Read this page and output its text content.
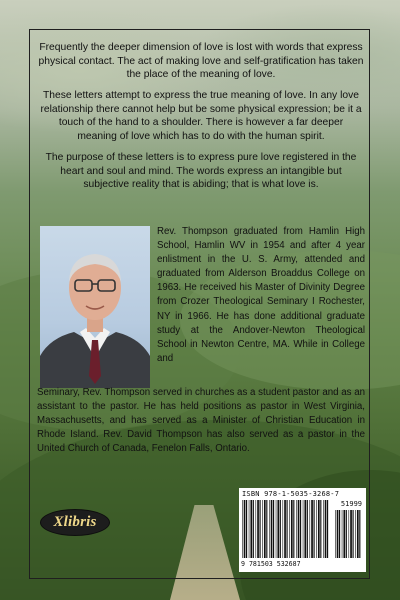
Frequently the deeper dimension of love is lost with words that express physical contact. The act of making love and self-gratification has taken the place of the meaning of love.

These letters attempt to express the true meaning of love. In any love relationship there cannot help but be some physical expression; be it a touch of the hand to a shoulder. There is however a far deeper meaning of love which has to do with the human spirit.

The purpose of these letters is to express pure love registered in the heart and soul and mind. The words express an intangible but subjective reality that is abiding; that is what love is.

Rev. Thompson graduated from Hamlin High School, Hamlin WV in 1954 and after 4 year enlistment in the U. S. Army, attended and graduated from Alderson Broaddus College on 1963. He received his Master of Divinity Degree from Crozer Theological Seminary I Rochester, NY in 1966. He has done additional graduate study at the Andover-Newton Theological School in Newton Centre, MA. While in College and

Seminary, Rev. Thompson served in churches as a student pastor and as an assistant to the pastor. He has held positions as pastor in West Virginia, Massachusetts, and has served as a Minister of Christian Education in Rhode Island. Rev. David Thompson has also served as a pastor in the United Church of Canada, Fenelon Falls, Ontario.

Xlibris
ISBN 978-1-5035-3268-7
51999
9 781503 532687
